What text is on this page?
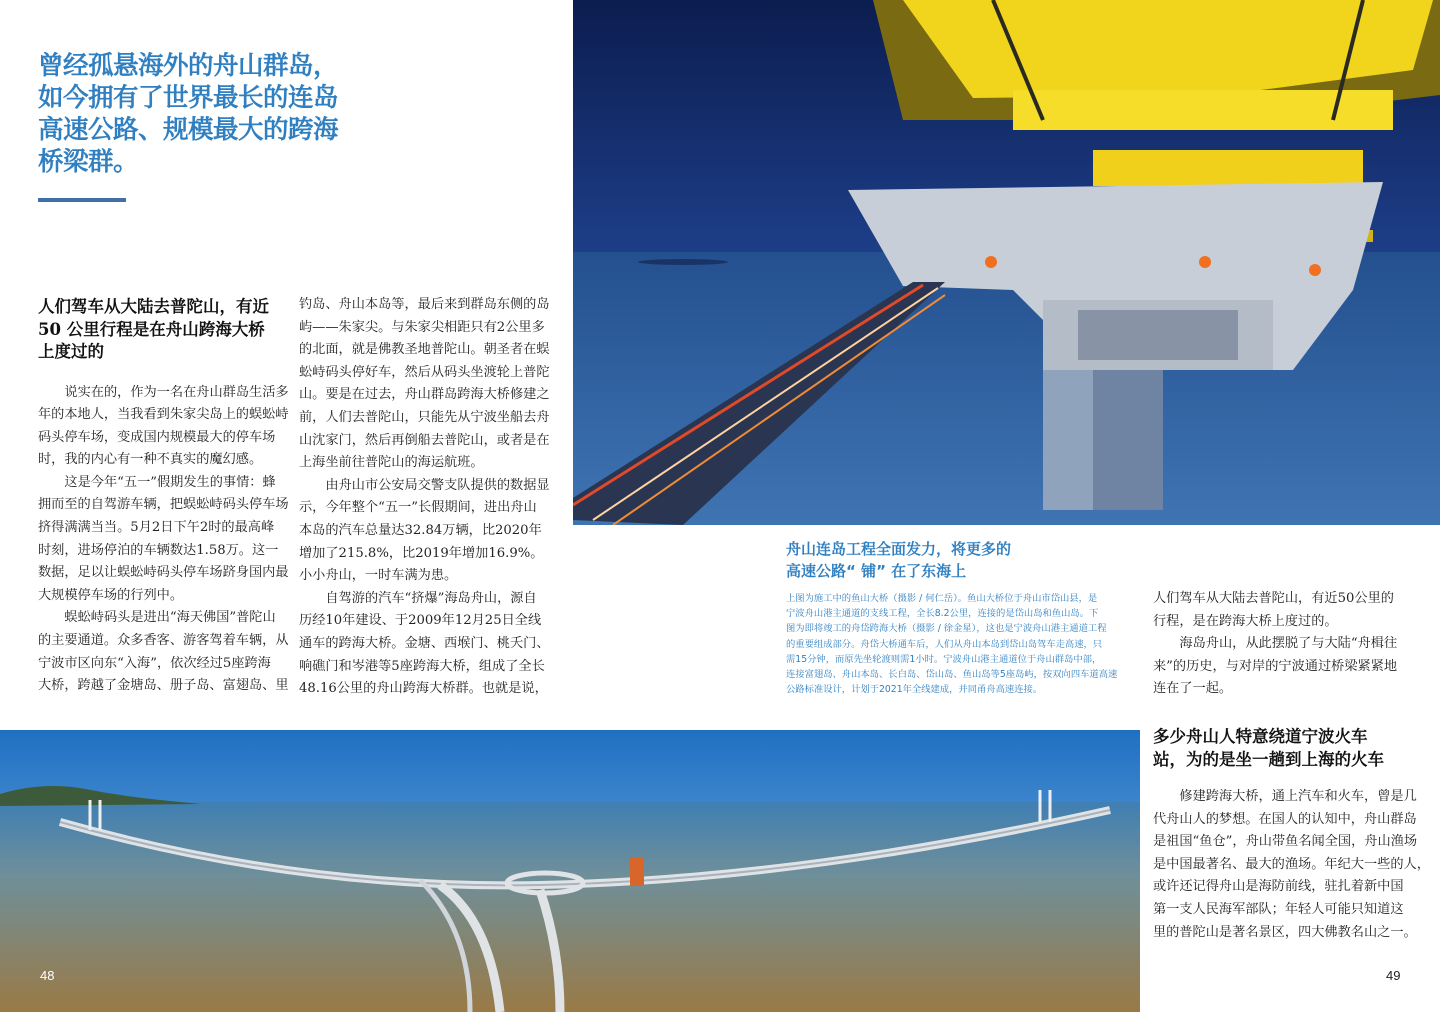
曾经孤悬海外的舟山群岛，

如今拥有了世界最长的连岛

高速公路、规模最大的跨海

桥梁群。

人们驾车从大陆去普陀山，有近
50 公里行程是在舟山跨海大桥
上度过的
说实在的，作为一名在舟山群岛生活多
年的本地人，当我看到朱家尖岛上的蜈蚣峙
码头停车场，变成国内规模最大的停车场
时，我的内心有一种不真实的魔幻感。
这是今年“五一”假期发生的事情：蜂
拥而至的自驾游车辆，把蜈蚣峙码头停车场
挤得满满当当。5月2日下午2时的最高峰
时刻，进场停泊的车辆数达1.58万。这一
数据，足以让蜈蚣峙码头停车场跻身国内最
大规模停车场的行列中。
蜈蚣峙码头是进出“海天佛国”普陀山
的主要通道。众多香客、游客驾着车辆，从
宁波市区向东“入海”，依次经过5座跨海
大桥，跨越了金塘岛、册子岛、富翅岛、里
钓岛、舟山本岛等，最后来到群岛东侧的岛
屿——朱家尖。与朱家尖相距只有2公里多
的北面，就是佛教圣地普陀山。朝圣者在蜈
蚣峙码头停好车，然后从码头坐渡轮上普陀
山。要是在过去，舟山群岛跨海大桥修建之
前，人们去普陀山，只能先从宁波坐船去舟
山沈家门，然后再倒船去普陀山，或者是在
上海坐前往普陀山的海运航班。
由舟山市公安局交警支队提供的数据显
示，今年整个“五一”长假期间，进出舟山
本岛的汽车总量达32.84万辆，比2020年
增加了215.8%，比2019年增加16.9%。
小小舟山，一时车满为患。
自驾游的汽车“挤爆”海岛舟山，源自
历经10年建设、于2009年12月25日全线
通车的跨海大桥。金塘、西堠门、桃夭门、
响礁门和岑港等5座跨海大桥，组成了全长
48.16公里的舟山跨海大桥群。也就是说，
舟山连岛工程全面发力，将更多的
高速公路“ 铺” 在了东海上
上图为施工中的鱼山大桥（摄影 / 何仁岳）。鱼山大桥位于舟山市岱山县，是
宁波舟山港主通道的支线工程，全长8.2公里，连接的是岱山岛和鱼山岛。下
图为即将竣工的舟岱跨海大桥（摄影 / 徐金星），这也是宁波舟山港主通道工程
的重要组成部分。舟岱大桥通车后，人们从舟山本岛到岱山岛驾车走高速，只
需15分钟，而原先坐轮渡则需1小时。宁波舟山港主通道位于舟山群岛中部，
连接富翅岛、舟山本岛、长白岛、岱山岛、鱼山岛等5座岛屿，按双向四车道高速
公路标准设计，计划于2021年全线建成，并同甬舟高速连接。
人们驾车从大陆去普陀山，有近50公里的
行程，是在跨海大桥上度过的。
海岛舟山，从此摆脱了与大陆“舟楫往
来”的历史，与对岸的宁波通过桥梁紧紧地
连在了一起。
多少舟山人特意绕道宁波火车
站，为的是坐一趟到上海的火车
修建跨海大桥，通上汽车和火车，曾是几
代舟山人的梦想。在国人的认知中，舟山群岛
是祖国“鱼仓”，舟山带鱼名闻全国，舟山渔场
是中国最著名、最大的渔场。年纪大一些的人，
或许还记得舟山是海防前线，驻扎着新中国
第一支人民海军部队；年轻人可能只知道这
里的普陀山是著名景区，四大佛教名山之一。
48	49
